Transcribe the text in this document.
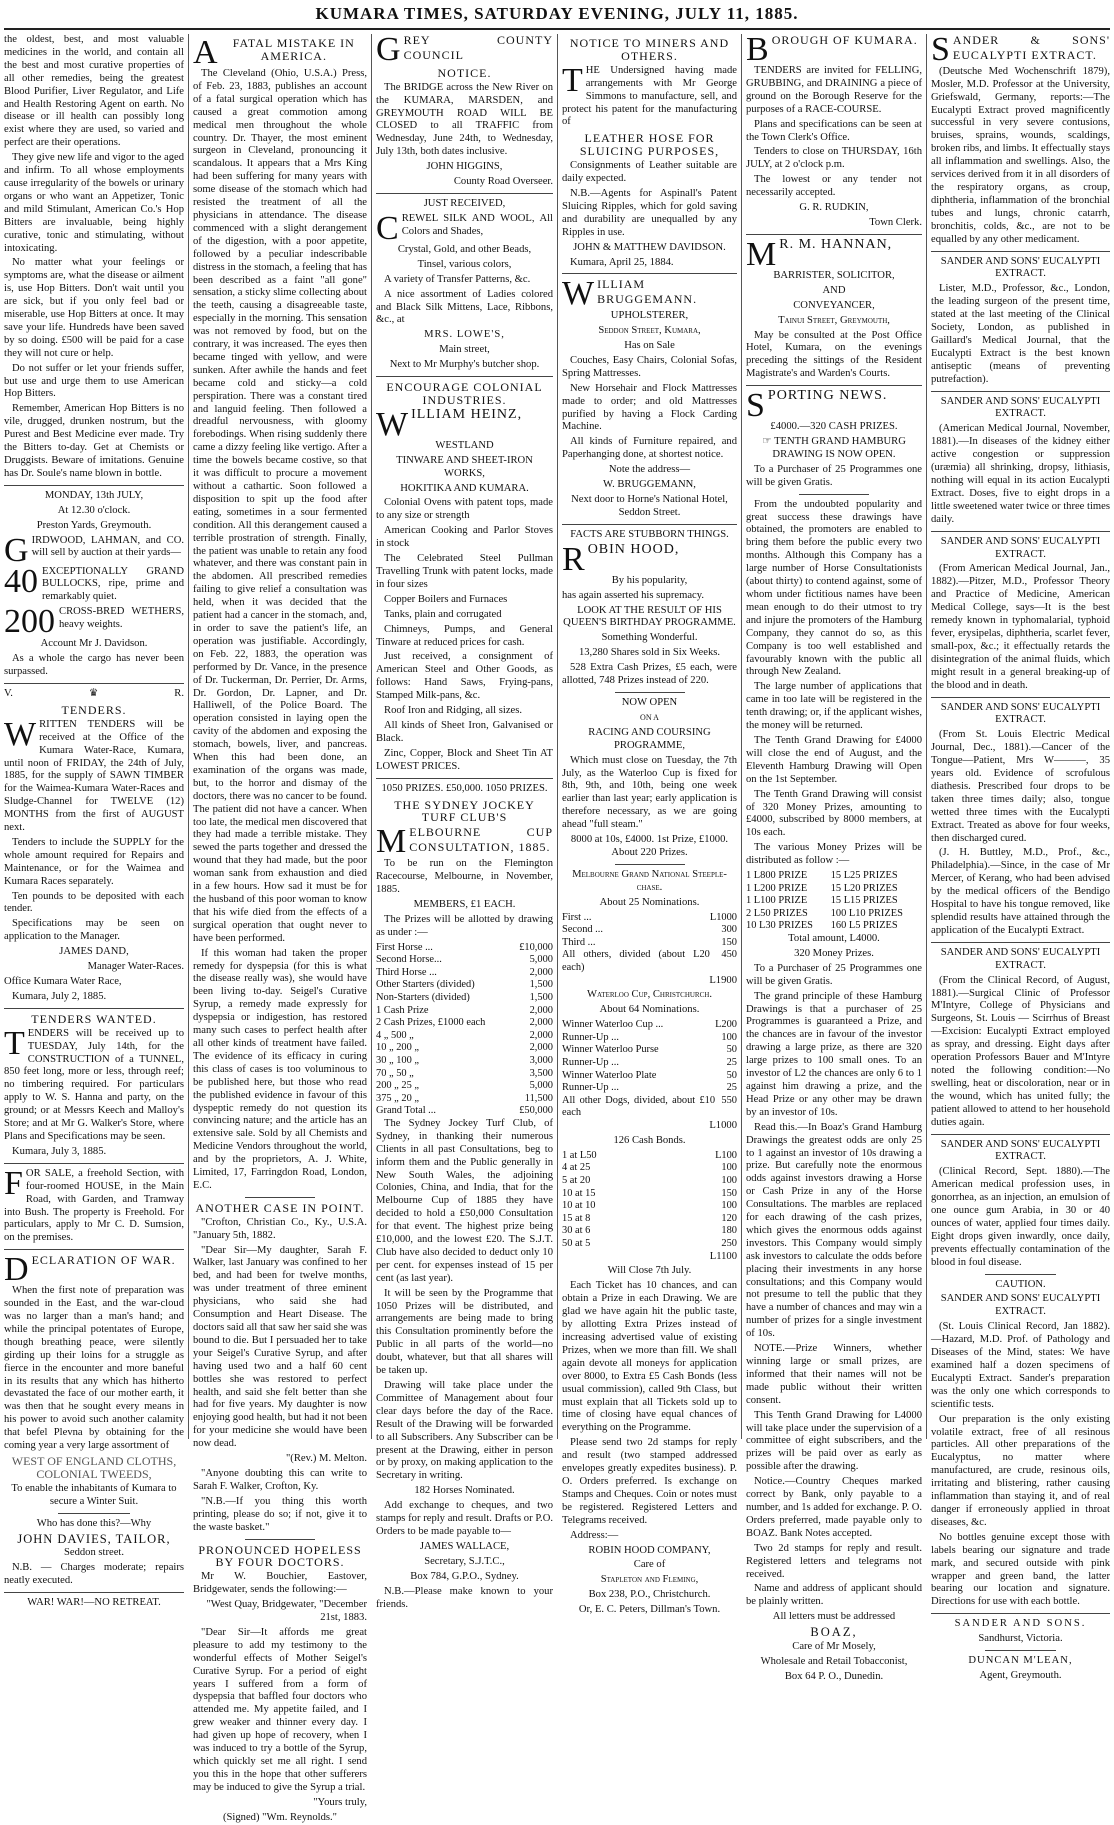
KUMARA TIMES, SATURDAY EVENING, JULY 11, 1885.

the oldest, best, and most valuable medicines in the world, and contain all the best and most curative properties of all other remedies, being the greatest Blood Purifier, Liver Regulator, and Life and Health Restoring Agent on earth. No disease or ill health can possibly long exist where they are used, so varied and perfect are their operations.

They give new life and vigor to the aged and infirm. To all whose employments cause irregularity of the bowels or urinary organs or who want an Appetizer, Tonic and mild Stimulant, American Co.'s Hop Bitters are invaluable, being highly curative, tonic and stimulating, without intoxicating.

No matter what your feelings or symptoms are, what the disease or ailment is, use Hop Bitters. Don't wait until you are sick, but if you only feel bad or miserable, use Hop Bitters at once. It may save your life. Hundreds have been saved by so doing. £500 will be paid for a case they will not cure or help.

Do not suffer or let your friends suffer, but use and urge them to use American Hop Bitters.

Remember, American Hop Bitters is no vile, drugged, drunken nostrum, but the Purest and Best Medicine ever made. Try the Bitters to-day. Get at Chemists or Druggists. Beware of imitations. Genuine has Dr. Soule's name blown in bottle.

MONDAY, 13th JULY,

At 12.30 o'clock.

Preston Yards, Greymouth.

GIRDWOOD, LAHMAN, and CO. will sell by auction at their yards—

40 EXCEPTIONALLY GRAND BULLOCKS, ripe, prime and remarkably quiet.

200 CROSS-BRED WETHERS, heavy weights.

Account Mr J. Davidson.

As a whole the cargo has never been surpassed.

V.	♛	R.
TENDERS.

WRITTEN TENDERS will be received at the Office of the Kumara Water-Race, Kumara, until noon of FRIDAY, the 24th of July, 1885, for the supply of SAWN TIMBER for the Waimea-Kumara Water-Races and Sludge-Channel for TWELVE (12) MONTHS from the first of AUGUST next.

Tenders to include the SUPPLY for the whole amount required for Repairs and Maintenance, or for the Waimea and Kumara Races separately.

Ten pounds to be deposited with each tender.

Specifications may be seen on application to the Manager.

JAMES DAND,

Manager Water-Races.

Office Kumara Water Race,

Kumara, July 2, 1885.

TENDERS WANTED.

TENDERS will be received up to TUESDAY, July 14th, for the CONSTRUCTION of a TUNNEL, 850 feet long, more or less, through reef; no timbering required. For particulars apply to W. S. Hanna and party, on the ground; or at Messrs Keech and Malloy's Store; and at Mr G. Walker's Store, where Plans and Specifications may be seen.

Kumara, July 3, 1885.

FOR SALE, a freehold Section, with four-roomed HOUSE, in the Main Road, with Garden, and Tramway into Bush. The property is Freehold. For particulars, apply to Mr C. D. Sumsion, on the premises.

DECLARATION OF WAR.

When the first note of preparation was sounded in the East, and the war-cloud was no larger than a man's hand; and while the principal potentates of Europe, though breathing peace, were silently girding up their loins for a struggle as fierce in the encounter and more baneful in its results that any which has hitherto devastated the face of our mother earth, it was then that he sought every means in his power to avoid such another calamity that befel Plevna by obtaining for the coming year a very large assortment of

WEST OF ENGLAND CLOTHS, COLONIAL TWEEDS,

To enable the inhabitants of Kumara to secure a Winter Suit.

Who has done this?—Why

JOHN DAVIES, TAILOR,

Seddon street.

N.B. — Charges moderate; repairs neatly executed.

WAR! WAR!—NO RETREAT.

A	FATAL MISTAKE IN AMERICA.

The Cleveland (Ohio, U.S.A.) Press, of Feb. 23, 1883, publishes an account of a fatal surgical operation which has caused a great commotion among medical men throughout the whole country. Dr. Thayer, the most eminent surgeon in Cleveland, pronouncing it scandalous. It appears that a Mrs King had been suffering for many years with some disease of the stomach which had resisted the treatment of all the physicians in attendance. The disease commenced with a slight derangement of the digestion, with a poor appetite, followed by a peculiar indescribable distress in the stomach, a feeling that has been described as a faint "all gone" sensation, a sticky slime collecting about the teeth, causing a disagreeable taste, especially in the morning. This sensation was not removed by food, but on the contrary, it was increased. The eyes then became tinged with yellow, and were sunken. After awhile the hands and feet became cold and sticky—a cold perspiration. There was a constant tired and languid feeling. Then followed a dreadful nervousness, with gloomy forebodings. When rising suddenly there came a dizzy feeling like vertigo. After a time the bowels became costive, so that it was difficult to procure a movement without a cathartic. Soon followed a disposition to spit up the food after eating, sometimes in a sour fermented condition. All this derangement caused a terrible prostration of strength. Finally, the patient was unable to retain any food whatever, and there was constant pain in the abdomen. All prescribed remedies failing to give relief a consultation was held, when it was decided that the patient had a cancer in the stomach, and, in order to save the patient's life, an operation was justifiable. Accordingly, on Feb. 22, 1883, the operation was performed by Dr. Vance, in the presence of Dr. Tuckerman, Dr. Perrier, Dr. Arms, Dr. Gordon, Dr. Lapner, and Dr. Halliwell, of the Police Board. The operation consisted in laying open the cavity of the abdomen and exposing the stomach, bowels, liver, and pancreas. When this had been done, an examination of the organs was made, but, to the horror and dismay of the doctors, there was no cancer to be found. The patient did not have a cancer. When too late, the medical men discovered that they had made a terrible mistake. They sewed the parts together and dressed the wound that they had made, but the poor woman sank from exhaustion and died in a few hours. How sad it must be for the husband of this poor woman to know that his wife died from the effects of a surgical operation that ought never to have been performed.

If this woman had taken the proper remedy for dyspepsia (for this is what the disease really was), she would have been living to-day. Seigel's Curative Syrup, a remedy made expressly for dyspepsia or indigestion, has restored many such cases to perfect health after all other kinds of treatment have failed. The evidence of its efficacy in curing this class of cases is too voluminous to be published here, but those who read the published evidence in favour of this dyspeptic remedy do not question its convincing nature; and the article has an extensive sale. Sold by all Chemists and Medicine Vendors throughout the world, and by the proprietors, A. J. White, Limited, 17, Farringdon Road, London, E.C.

ANOTHER CASE IN POINT.

"Crofton, Christian Co., Ky., U.S.A. "January 5th, 1882.

"Dear Sir—My daughter, Sarah F. Walker, last January was confined to her bed, and had been for twelve months, was under treatment of three eminent physicians, who said she had Consumption and Heart Disease. The doctors said all that saw her said she was bound to die. But I persuaded her to take your Seigel's Curative Syrup, and after having used two and a half 60 cent bottles she was restored to perfect health, and said she felt better than she had for five years. My daughter is now enjoying good health, but had it not been for your medicine she would have been now dead.

"(Rev.) M. Melton.

"Anyone doubting this can write to Sarah F. Walker, Crofton, Ky.

"N.B.—If you thing this worth printing, please do so; if not, give it to the waste basket."

PRONOUNCED HOPELESS BY FOUR DOCTORS.

Mr W. Bouchier, Eastover, Bridgewater, sends the following:—

"West Quay, Bridgewater, "December 21st, 1883.

"Dear Sir—It affords me great pleasure to add my testimony to the wonderful effects of Mother Seigel's Curative Syrup. For a period of eight years I suffered from a form of dyspepsia that baffled four doctors who attended me. My appetite failed, and I grew weaker and thinner every day. I had given up hope of recovery, when I was induced to try a bottle of the Syrup, which quickly set me all right. I send you this in the hope that other sufferers may be induced to give the Syrup a trial.

"Yours truly,

(Signed) "Wm. Reynolds."

GREY COUNTY COUNCIL

NOTICE.

The BRIDGE across the New River on the KUMARA, MARSDEN, and GREYMOUTH ROAD WILL BE CLOSED to all TRAFFIC from Wednesday, June 24th, to Wednesday, July 13th, both dates inclusive.

JOHN HIGGINS,

County Road Overseer.

JUST RECEIVED,

CREWEL SILK AND WOOL, All Colors and Shades,

Crystal, Gold, and other Beads,

Tinsel, various colors,

A variety of Transfer Patterns, &c.

A nice assortment of Ladies colored and Black Silk Mittens, Lace, Ribbons, &c., at

MRS. LOWE'S,

Main street,

Next to Mr Murphy's butcher shop.

ENCOURAGE COLONIAL INDUSTRIES.

WILLIAM HEINZ,

WESTLAND

TINWARE AND SHEET-IRON WORKS,

HOKITIKA AND KUMARA.

Colonial Ovens with patent tops, made to any size or strength

American Cooking and Parlor Stoves in stock

The Celebrated Steel Pullman Travelling Trunk with patent locks, made in four sizes

Copper Boilers and Furnaces

Tanks, plain and corrugated

Chimneys, Pumps, and General Tinware at reduced prices for cash.

Just received, a consignment of American Steel and Other Goods, as follows: Hand Saws, Frying-pans, Stamped Milk-pans, &c.

Roof Iron and Ridging, all sizes.

All kinds of Sheet Iron, Galvanised or Black.

Zinc, Copper, Block and Sheet Tin AT LOWEST PRICES.

1050 PRIZES. £50,000. 1050 PRIZES.

THE SYDNEY JOCKEY TURF CLUB'S

MELBOURNE CUP CONSULTATION, 1885.

To be run on the Flemington Racecourse, Melbourne, in November, 1885.

MEMBERS, £1 EACH.

The Prizes will be allotted by drawing as under :—

First Horse ...	£10,000
Second Horse...	5,000
Third Horse ...	2,000
Other Starters (divided)	1,500
Non-Starters (divided)	1,500
1 Cash Prize	2,000
2 Cash Prizes, £1000 each	2,000
4 „ 500 „	2,000
10 „ 200 „	2,000
30 „ 100 „	3,000
70 „ 50 „	3,500
200 „ 25 „	5,000
375 „ 20 „	11,500
Grand Total ...	£50,000

The Sydney Jockey Turf Club, of Sydney, in thanking their numerous Clients in all past Consultations, beg to inform them and the Public generally in New South Wales, the adjoining Colonies, China, and India, that for the Melbourne Cup of 1885 they have decided to hold a £50,000 Consultation for that event. The highest prize being £10,000, and the lowest £20. The S.J.T. Club have also decided to deduct only 10 per cent. for expenses instead of 15 per cent (as last year).

It will be seen by the Programme that 1050 Prizes will be distributed, and arrangements are being made to bring this Consultation prominently before the Public in all parts of the world—no doubt, whatever, but that all shares will be taken up.

Drawing will take place under the Committee of Management about four clear days before the day of the Race. Result of the Drawing will be forwarded to all Subscribers. Any Subscriber can be present at the Drawing, either in person or by proxy, on making application to the Secretary in writing.

182 Horses Nominated.

Add exchange to cheques, and two stamps for reply and result. Drafts or P.O. Orders to be made payable to—

JAMES WALLACE,

Secretary, S.J.T.C.,

Box 784, G.P.O., Sydney.

N.B.—Please make known to your friends.

NOTICE TO MINERS AND OTHERS.

THE Undersigned having made arrangements with Mr George Simmons to manufacture, sell, and protect his patent for the manufacturing of

LEATHER HOSE FOR SLUICING PURPOSES,

Consignments of Leather suitable are daily expected.

N.B.—Agents for Aspinall's Patent Sluicing Ripples, which for gold saving and durability are unequalled by any Ripples in use.

JOHN & MATTHEW DAVIDSON.

Kumara, April 25, 1884.

WILLIAM BRUGGEMANN.

UPHOLSTERER,

Seddon Street, Kumara,

Has on Sale

Couches, Easy Chairs, Colonial Sofas, Spring Mattresses.

New Horsehair and Flock Mattresses made to order; and old Mattresses purified by having a Flock Carding Machine.

All kinds of Furniture repaired, and Paperhanging done, at shortest notice.

Note the address—

W. BRUGGEMANN,

Next door to Horne's National Hotel, Seddon Street.

FACTS ARE STUBBORN THINGS.

ROBIN HOOD,

By his popularity,

has again asserted his supremacy.

LOOK AT THE RESULT OF HIS QUEEN'S BIRTHDAY PROGRAMME.

Something Wonderful.

13,280 Shares sold in Six Weeks.

528 Extra Cash Prizes, £5 each, were allotted, 748 Prizes instead of 220.

NOW OPEN

ON A

RACING AND COURSING PROGRAMME,

Which must close on Tuesday, the 7th July, as the Waterloo Cup is fixed for 8th, 9th, and 10th, being one week earlier than last year; early application is therefore necessary, as we are going ahead "full steam."

8000 at 10s, £4000. 1st Prize, £1000. About 220 Prizes.

Melbourne Grand National Steeple-chase.

About 25 Nominations.

First ...	L1000
Second ...	300
Third ...	150
All others, divided (about L20 each)	450

L1900

Waterloo Cup, Christchurch.

About 64 Nominations.

Winner Waterloo Cup ...	L200
Runner-Up ...	100
Winner Waterloo Purse	50
Runner-Up ...	25
Winner Waterloo Plate	50
Runner-Up ...	25
All other Dogs, divided, about £10 each	550

L1000

126 Cash Bonds.

1 at L50	L100
4 at 25	100
5 at 20	100
10 at 15	150
10 at 10	100
15 at 8	120
30 at 6	180
50 at 5	250

L1100

Will Close 7th July.

Each Ticket has 10 chances, and can obtain a Prize in each Drawing. We are glad we have again hit the public taste, by allotting Extra Prizes instead of increasing advertised value of existing Prizes, when we more than fill. We shall again devote all moneys for application over 8000, to Extra £5 Cash Bonds (less usual commission), called 9th Class, but must explain that all Tickets sold up to time of closing have equal chances of everything on the Programme.

Please send two 2d stamps for reply and result (two stamped addressed envelopes greatly expedites business). P. O. Orders preferred. Is exchange on Stamps and Cheques. Coin or notes must be registered. Registered Letters and Telegrams received.

Address:—

ROBIN HOOD COMPANY,

Care of

Stapleton and Fleming,

Box 238, P.O., Christchurch.

Or, E. C. Peters, Dillman's Town.

BOROUGH OF KUMARA.

TENDERS are invited for FELLING, GRUBBING, and DRAINING a piece of ground on the Borough Reserve for the purposes of a RACE-COURSE.

Plans and specifications can be seen at the Town Clerk's Office.

Tenders to close on THURSDAY, 16th JULY, at 2 o'clock p.m.

The lowest or any tender not necessarily accepted.

G. R. RUDKIN,

Town Clerk.

M R. M. HANNAN,

BARRISTER, SOLICITOR,

AND

CONVEYANCER,

Tainui Street, Greymouth,

May be consulted at the Post Office Hotel, Kumara, on the evenings preceding the sittings of the Resident Magistrate's and Warden's Courts.

SPORTING NEWS.

£4000.—320 CASH PRIZES.

☞ TENTH GRAND HAMBURG DRAWING IS NOW OPEN.

To a Purchaser of 25 Programmes one will be given Gratis.

From the undoubted popularity and great success these drawings have obtained, the promoters are enabled to bring them before the public every two months. Although this Company has a large number of Horse Consultationists (about thirty) to contend against, some of whom under fictitious names have been mean enough to do their utmost to try and injure the promoters of the Hamburg Company, they cannot do so, as this Company is too well established and favourably known with the public all through New Zealand.

The large number of applications that came in too late will be registered in the tenth drawing; or, if the applicant wishes, the money will be returned.

The Tenth Grand Drawing for £4000 will close the end of August, and the Eleventh Hamburg Drawing will Open on the 1st September.

The Tenth Grand Drawing will consist of 320 Money Prizes, amounting to £4000, subscribed by 8000 members, at 10s each.

The various Money Prizes will be distributed as follow :—

1 L800 PRIZE	15 L25 PRIZES
1 L200 PRIZE	15 L20 PRIZES
1 L100 PRIZE	15 L15 PRIZES
2 L50 PRIZES	100 L10 PRIZES
10 L30 PRIZES	160 L5 PRIZES

Total amount, L4000.

320 Money Prizes.

To a Purchaser of 25 Programmes one will be given Gratis.

The grand principle of these Hamburg Drawings is that a purchaser of 25 Programmes is guaranteed a Prize, and the chances are in favour of the investor drawing a large prize, as there are 320 large prizes to 100 small ones. To an investor of L2 the chances are only 6 to 1 against him drawing a prize, and the Head Prize or any other may be drawn by an investor of 10s.

Read this.—In Boaz's Grand Hamburg Drawings the greatest odds are only 25 to 1 against an investor of 10s drawing a prize. But carefully note the enormous odds against investors drawing a Horse or Cash Prize in any of the Horse Consultations. The marbles are replaced for each drawing of the cash prizes, which gives the enormous odds against investors. This Company would simply ask investors to calculate the odds before placing their investments in any horse consultations; and this Company would not presume to tell the public that they have a number of chances and may win a number of prizes for a single investment of 10s.

NOTE.—Prize Winners, whether winning large or small prizes, are informed that their names will not be made public without their written consent.

This Tenth Grand Drawing for L4000 will take place under the supervision of a committee of eight subscribers, and the prizes will be paid over as early as possible after the drawing.

Notice.—Country Cheques marked correct by Bank, only payable to a number, and 1s added for exchange. P. O. Orders preferred, made payable only to BOAZ. Bank Notes accepted.

Two 2d stamps for reply and result. Registered letters and telegrams not received.

Name and address of applicant should be plainly written.

All letters must be addressed

BOAZ,

Care of Mr Mosely,

Wholesale and Retail Tobacconist,

Box 64 P. O., Dunedin.

SANDER & SONS' EUCALYPTI EXTRACT.

(Deutsche Med Wochenschrift 1879), Mosler, M.D. Professor at the University, Griefswald, Germany, reports:—The Eucalypti Extract proved magnificently successful in very severe contusions, bruises, sprains, wounds, scaldings, broken ribs, and limbs. It effectually stays all inflammation and swellings. Also, the services derived from it in all disorders of the respiratory organs, as croup, diphtheria, inflammation of the bronchial tubes and lungs, chronic catarrh, bronchitis, colds, &c., are not to be equalled by any other medicament.

SANDER AND SONS' EUCALYPTI EXTRACT.

Lister, M.D., Professor, &c., London, the leading surgeon of the present time, stated at the last meeting of the Clinical Society, London, as published in Gaillard's Medical Journal, that the Eucalypti Extract is the best known antiseptic (means of preventing putrefaction).

SANDER AND SONS' EUCALYPTI EXTRACT.

(American Medical Journal, November, 1881).—In diseases of the kidney either active congestion or suppression (uræmia) all shrinking, dropsy, lithiasis, nothing will equal in its action Eucalypti Extract. Doses, five to eight drops in a little sweetened water twice or three times daily.

SANDER AND SONS' EUCALYPTI EXTRACT.

(From American Medical Journal, Jan., 1882).—Pitzer, M.D., Professor Theory and Practice of Medicine, American Medical College, says—It is the best remedy known in typhomalarial, typhoid fever, erysipelas, diphtheria, scarlet fever, small-pox, &c.; it effectually retards the disintegration of the animal fluids, which might result in a general breaking-up of the blood and in death.

SANDER AND SONS' EUCALYPTI EXTRACT.

(From St. Louis Electric Medical Journal, Dec., 1881).—Cancer of the Tongue—Patient, Mrs W———, 35 years old. Evidence of scrofulous diathesis. Prescribed four drops to be taken three times daily; also, tongue wetted three times with the Eucalypti Extract. Treated as above for four weeks, then discharged cured.

(J. H. Buttley, M.D., Prof., &c., Philadelphia).—Since, in the case of Mr Mercer, of Kerang, who had been advised by the medical officers of the Bendigo Hospital to have his tongue removed, like splendid results have attained through the application of the Eucalypti Extract.

SANDER AND SONS' EUCALYPTI EXTRACT.

(From the Clinical Record, of August, 1881).—Surgical Clinic of Professor M'Intyre, College of Physicians and Surgeons, St. Louis — Scirrhus of Breast—Excision: Eucalypti Extract employed as spray, and dressing. Eight days after operation Professors Bauer and M'Intyre noted the following condition:—No swelling, heat or discoloration, near or in the wound, which has united fully; the patient allowed to attend to her household duties again.

SANDER AND SONS' EUCALYPTI EXTRACT.

(Clinical Record, Sept. 1880).—The American medical profession uses, in gonorrhea, as an injection, an emulsion of one ounce gum Arabia, in 30 or 40 ounces of water, applied four times daily. Eight drops given inwardly, once daily, prevents effectually contamination of the blood in foul disease.

CAUTION.

SANDER AND SONS' EUCALYPTI EXTRACT.

(St. Louis Clinical Record, Jan 1882).—Hazard, M.D. Prof. of Pathology and Diseases of the Mind, states: We have examined half a dozen specimens of Eucalypti Extract. Sander's preparation was the only one which corresponds to scientific tests.

Our preparation is the only existing volatile extract, free of all resinous particles. All other preparations of the Eucalyptus, no matter where manufactured, are crude, resinous oils, irritating and blistering, rather causing inflammation than staying it, and of real danger if erroneously applied in throat diseases, &c.

No bottles genuine except those with labels bearing our signature and trade mark, and secured outside with pink wrapper and green band, the latter bearing our location and signature. Directions for use with each bottle.

SANDER AND SONS.

Sandhurst, Victoria.

DUNCAN M'LEAN,

Agent, Greymouth.
